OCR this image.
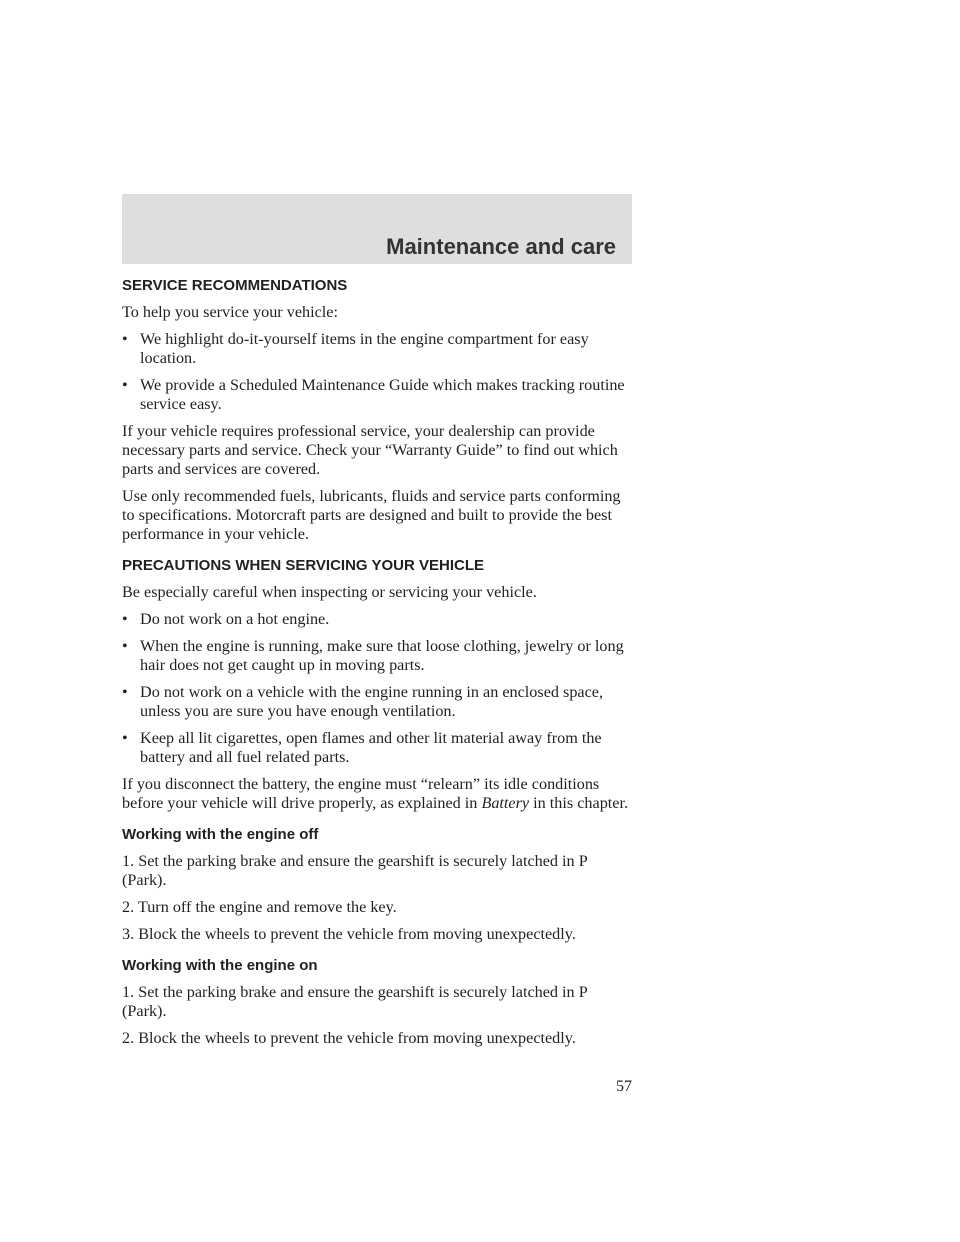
Maintenance and care
SERVICE RECOMMENDATIONS

To help you service your vehicle:

• We highlight do-it-yourself items in the engine compartment for easy location.
• We provide a Scheduled Maintenance Guide which makes tracking routine service easy.

If your vehicle requires professional service, your dealership can provide necessary parts and service. Check your “Warranty Guide” to find out which parts and services are covered.

Use only recommended fuels, lubricants, fluids and service parts conforming to specifications. Motorcraft parts are designed and built to provide the best performance in your vehicle.

PRECAUTIONS WHEN SERVICING YOUR VEHICLE

Be especially careful when inspecting or servicing your vehicle.

• Do not work on a hot engine.
• When the engine is running, make sure that loose clothing, jewelry or long hair does not get caught up in moving parts.
• Do not work on a vehicle with the engine running in an enclosed space, unless you are sure you have enough ventilation.
• Keep all lit cigarettes, open flames and other lit material away from the battery and all fuel related parts.

If you disconnect the battery, the engine must “relearn” its idle conditions before your vehicle will drive properly, as explained in Battery in this chapter.

Working with the engine off

1. Set the parking brake and ensure the gearshift is securely latched in P (Park).

2. Turn off the engine and remove the key.

3. Block the wheels to prevent the vehicle from moving unexpectedly.

Working with the engine on

1. Set the parking brake and ensure the gearshift is securely latched in P (Park).

2. Block the wheels to prevent the vehicle from moving unexpectedly.

57
